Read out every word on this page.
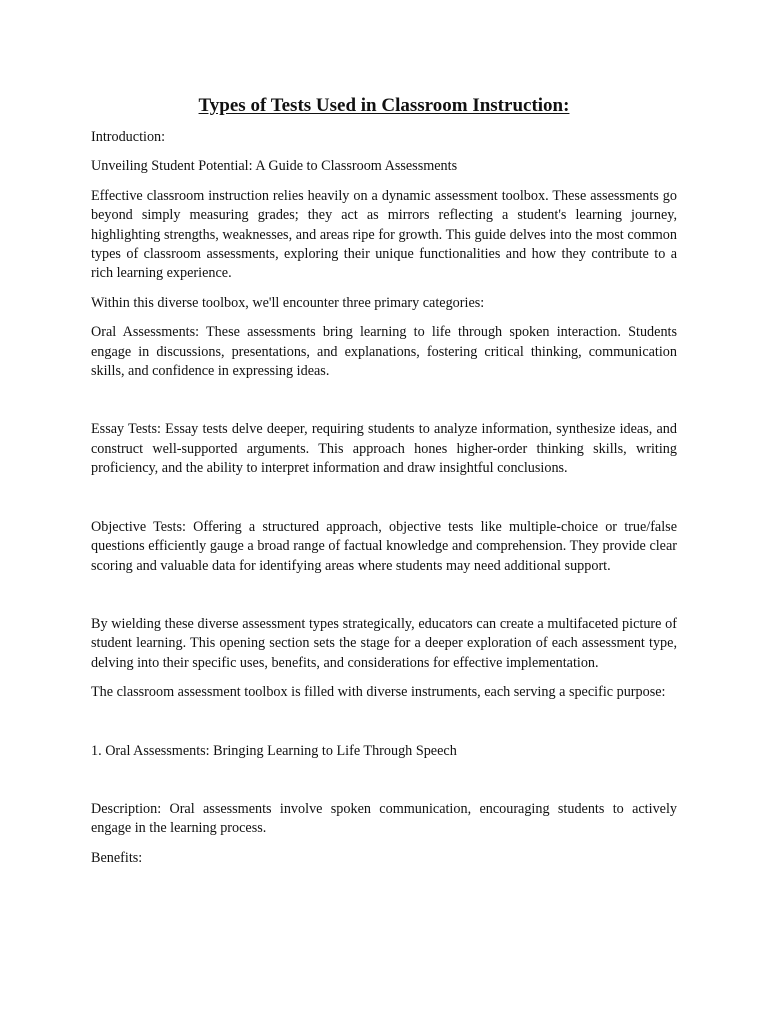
Types of Tests Used in Classroom Instruction:

Introduction:

Unveiling Student Potential: A Guide to Classroom Assessments

Effective classroom instruction relies heavily on a dynamic assessment toolbox. These assessments go beyond simply measuring grades; they act as mirrors reflecting a student's learning journey, highlighting strengths, weaknesses, and areas ripe for growth. This guide delves into the most common types of classroom assessments, exploring their unique functionalities and how they contribute to a rich learning experience.

Within this diverse toolbox, we'll encounter three primary categories:

Oral Assessments: These assessments bring learning to life through spoken interaction. Students engage in discussions, presentations, and explanations, fostering critical thinking, communication skills, and confidence in expressing ideas.

Essay Tests: Essay tests delve deeper, requiring students to analyze information, synthesize ideas, and construct well-supported arguments. This approach hones higher-order thinking skills, writing proficiency, and the ability to interpret information and draw insightful conclusions.

Objective Tests: Offering a structured approach, objective tests like multiple-choice or true/false questions efficiently gauge a broad range of factual knowledge and comprehension. They provide clear scoring and valuable data for identifying areas where students may need additional support.

By wielding these diverse assessment types strategically, educators can create a multifaceted picture of student learning. This opening section sets the stage for a deeper exploration of each assessment type, delving into their specific uses, benefits, and considerations for effective implementation.

The classroom assessment toolbox is filled with diverse instruments, each serving a specific purpose:

1. Oral Assessments: Bringing Learning to Life Through Speech

Description: Oral assessments involve spoken communication, encouraging students to actively engage in the learning process.

Benefits:
